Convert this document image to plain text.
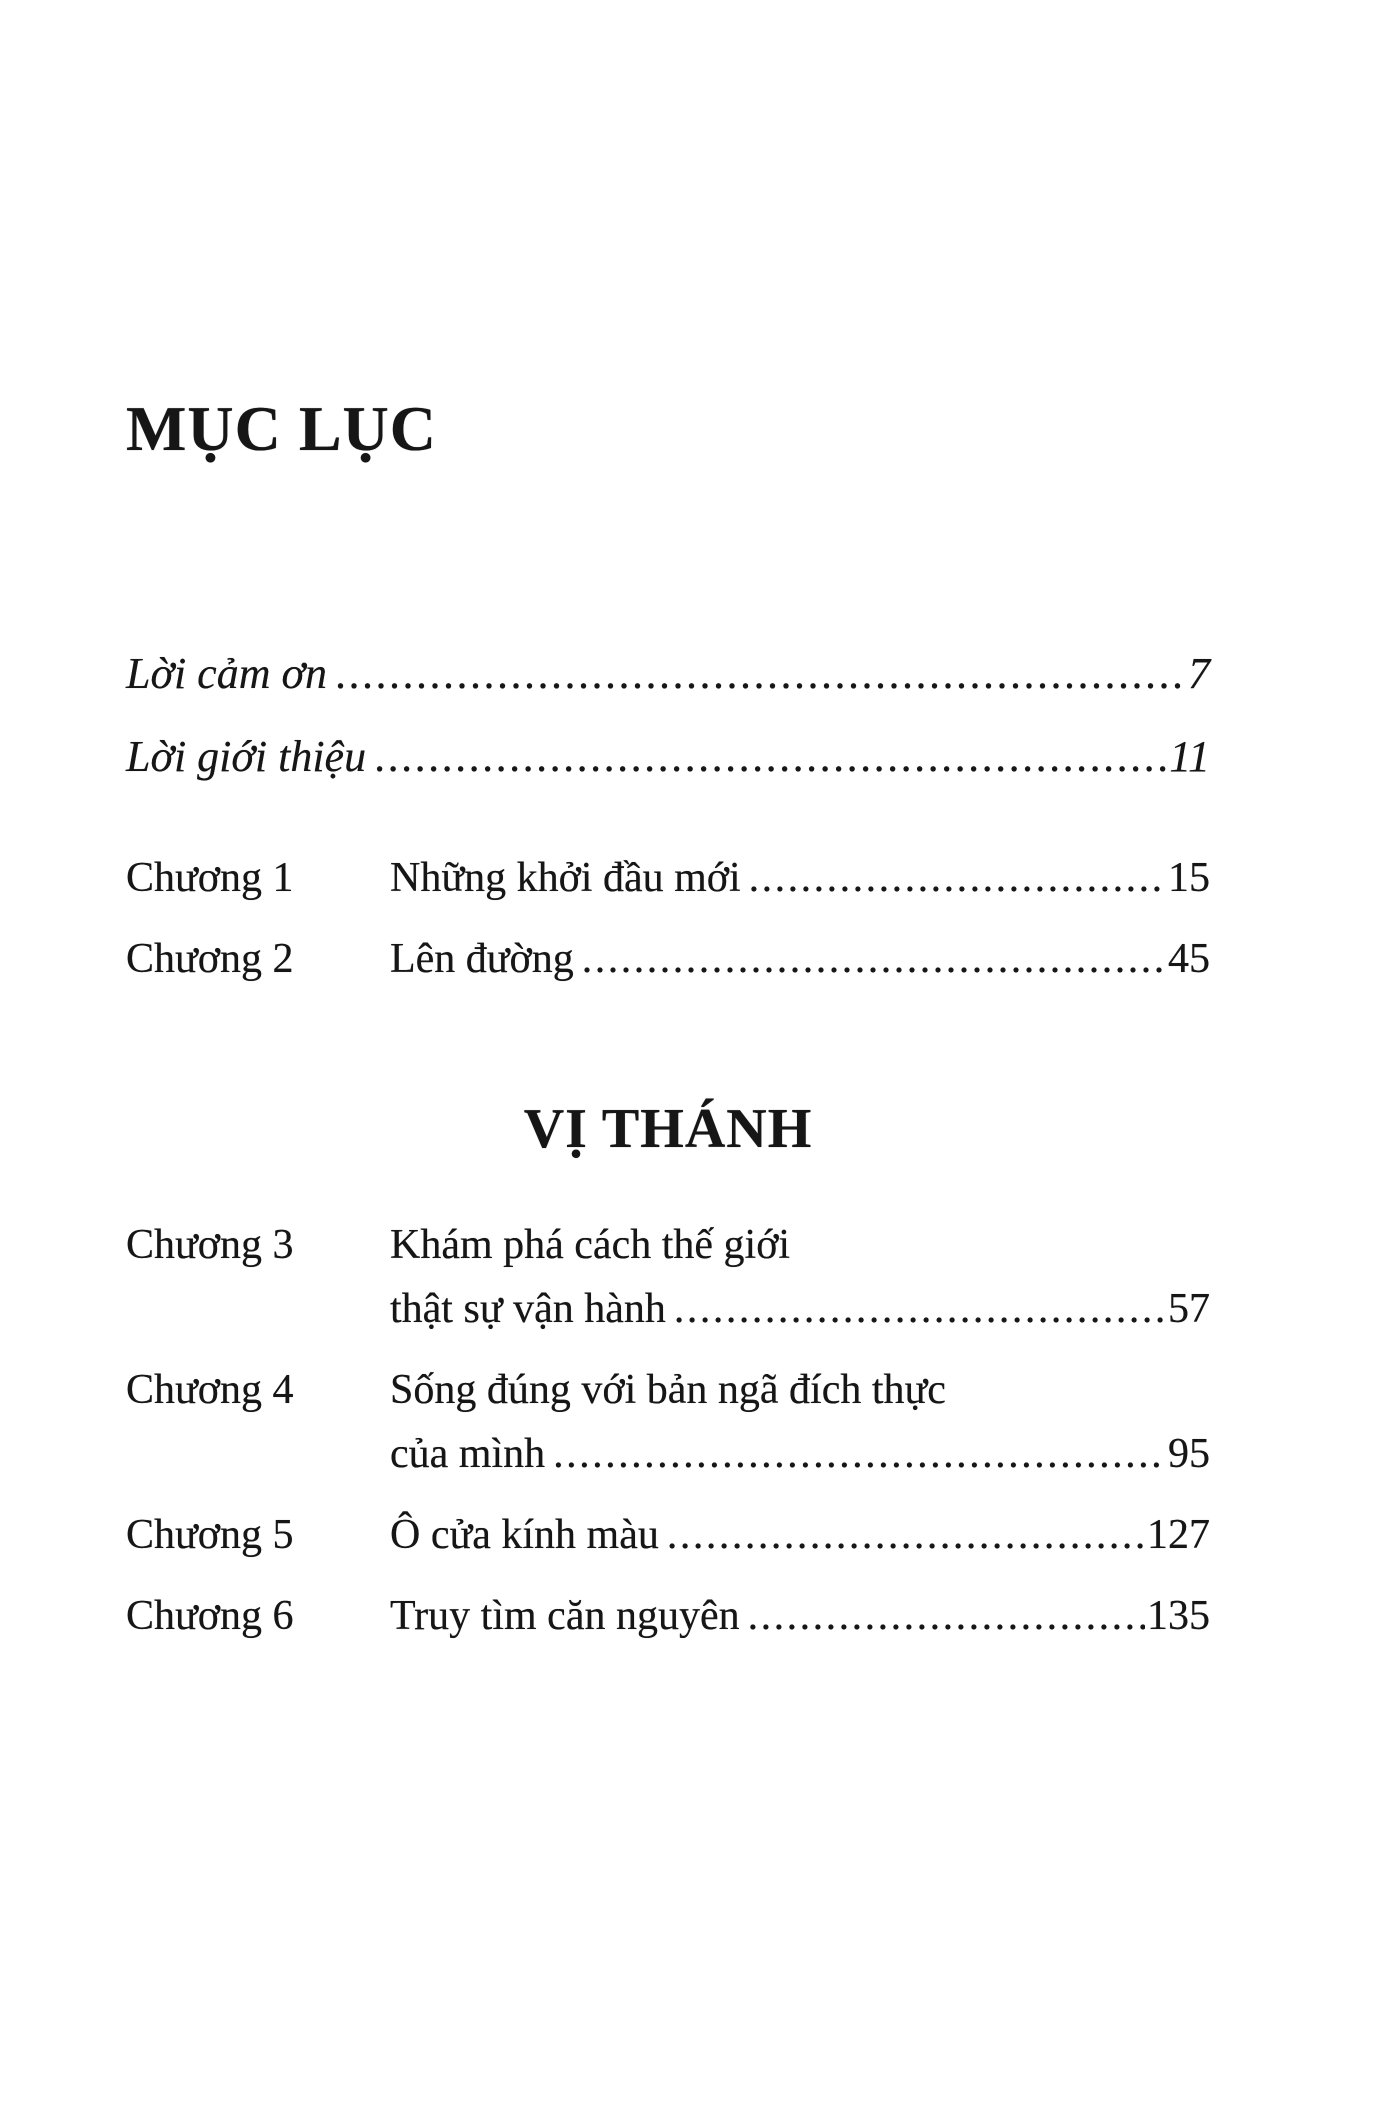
MỤC LỤC
Lời cảm ơn .....	7
Lời giới thiệu .....	11
Chương 1	Những khởi đầu mới .....	15
Chương 2	Lên đường .....	45
VỊ THÁNH
Chương 3	Khám phá cách thế giới
thật sự vận hành .....	57
Chương 4	Sống đúng với bản ngã đích thực
của mình .....	95
Chương 5	Ô cửa kính màu .....	127
Chương 6	Truy tìm căn nguyên .....	135
